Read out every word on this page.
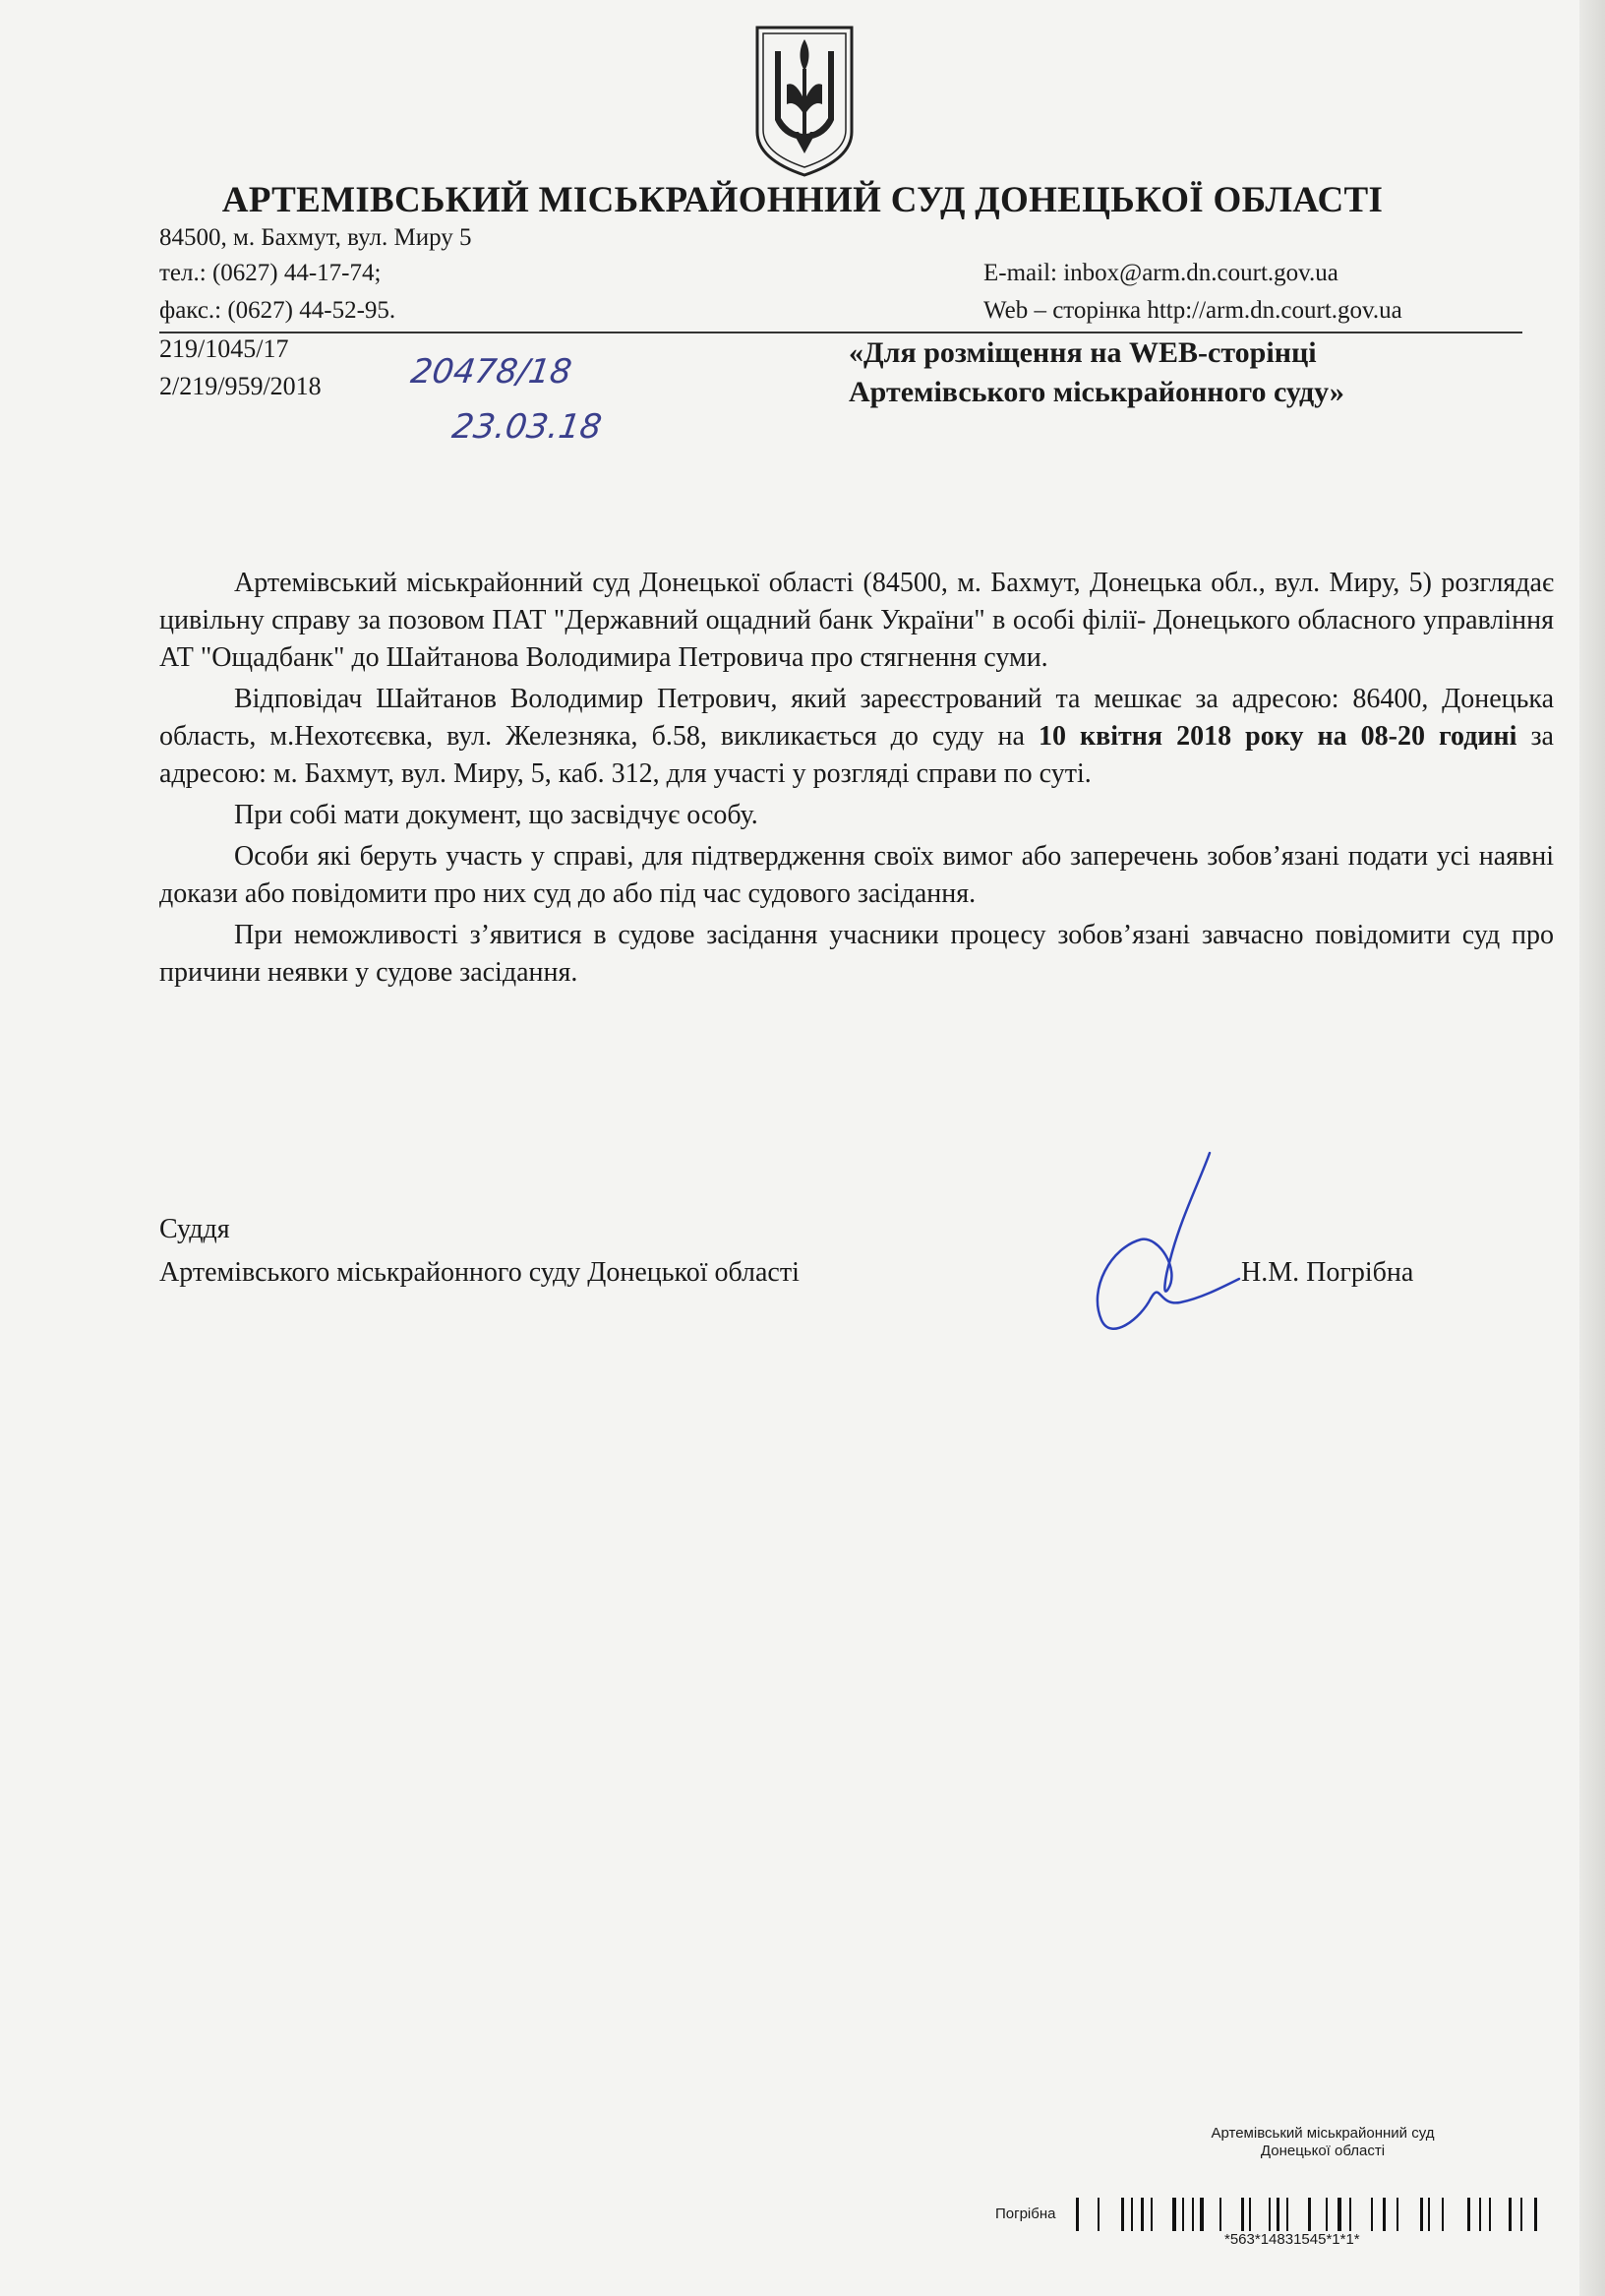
АРТЕМІВСЬКИЙ МІСЬКРАЙОННИЙ СУД ДОНЕЦЬКОЇ ОБЛАСТІ
84500, м. Бахмут, вул. Миру 5
тел.: (0627) 44-17-74;
факс.: (0627) 44-52-95.
E-mail: inbox@arm.dn.court.gov.ua
Web – сторінка http://arm.dn.court.gov.ua
219/1045/17
2/219/959/2018	20478/18
23.03.18
«Для розміщення на WEB-сторінці
Артемівського міськрайонного суду»

Артемівський міськрайонний суд Донецької області (84500, м. Бахмут, Донецька обл., вул. Миру, 5) розглядає цивільну справу за позовом ПАТ "Державний ощадний банк України" в особі філії- Донецького обласного управління АТ "Ощадбанк" до Шайтанова Володимира Петровича про стягнення суми.

Відповідач Шайтанов Володимир Петрович, який зареєстрований та мешкає за адресою: 86400, Донецька область, м.Нехотєєвка, вул. Железняка, б.58, викликається до суду на 10 квітня 2018 року на 08-20 годині за адресою: м. Бахмут, вул. Миру, 5, каб. 312, для участі у розгляді справи по суті.

При собі мати документ, що засвідчує особу.

Особи які беруть участь у справі, для підтвердження своїх вимог або заперечень зобов’язані подати усі наявні докази або повідомити про них суд до або під час судового засідання.

При неможливості з’явитися в судове засідання учасники процесу зобов’язані завчасно повідомити суд про причини неявки у судове засідання.

Суддя
Артемівського міськрайонного суду Донецької області	Н.М. Погрібна
Артемівський міськрайонний суд
Донецької області
Погрібна
*563*14831545*1*1*
